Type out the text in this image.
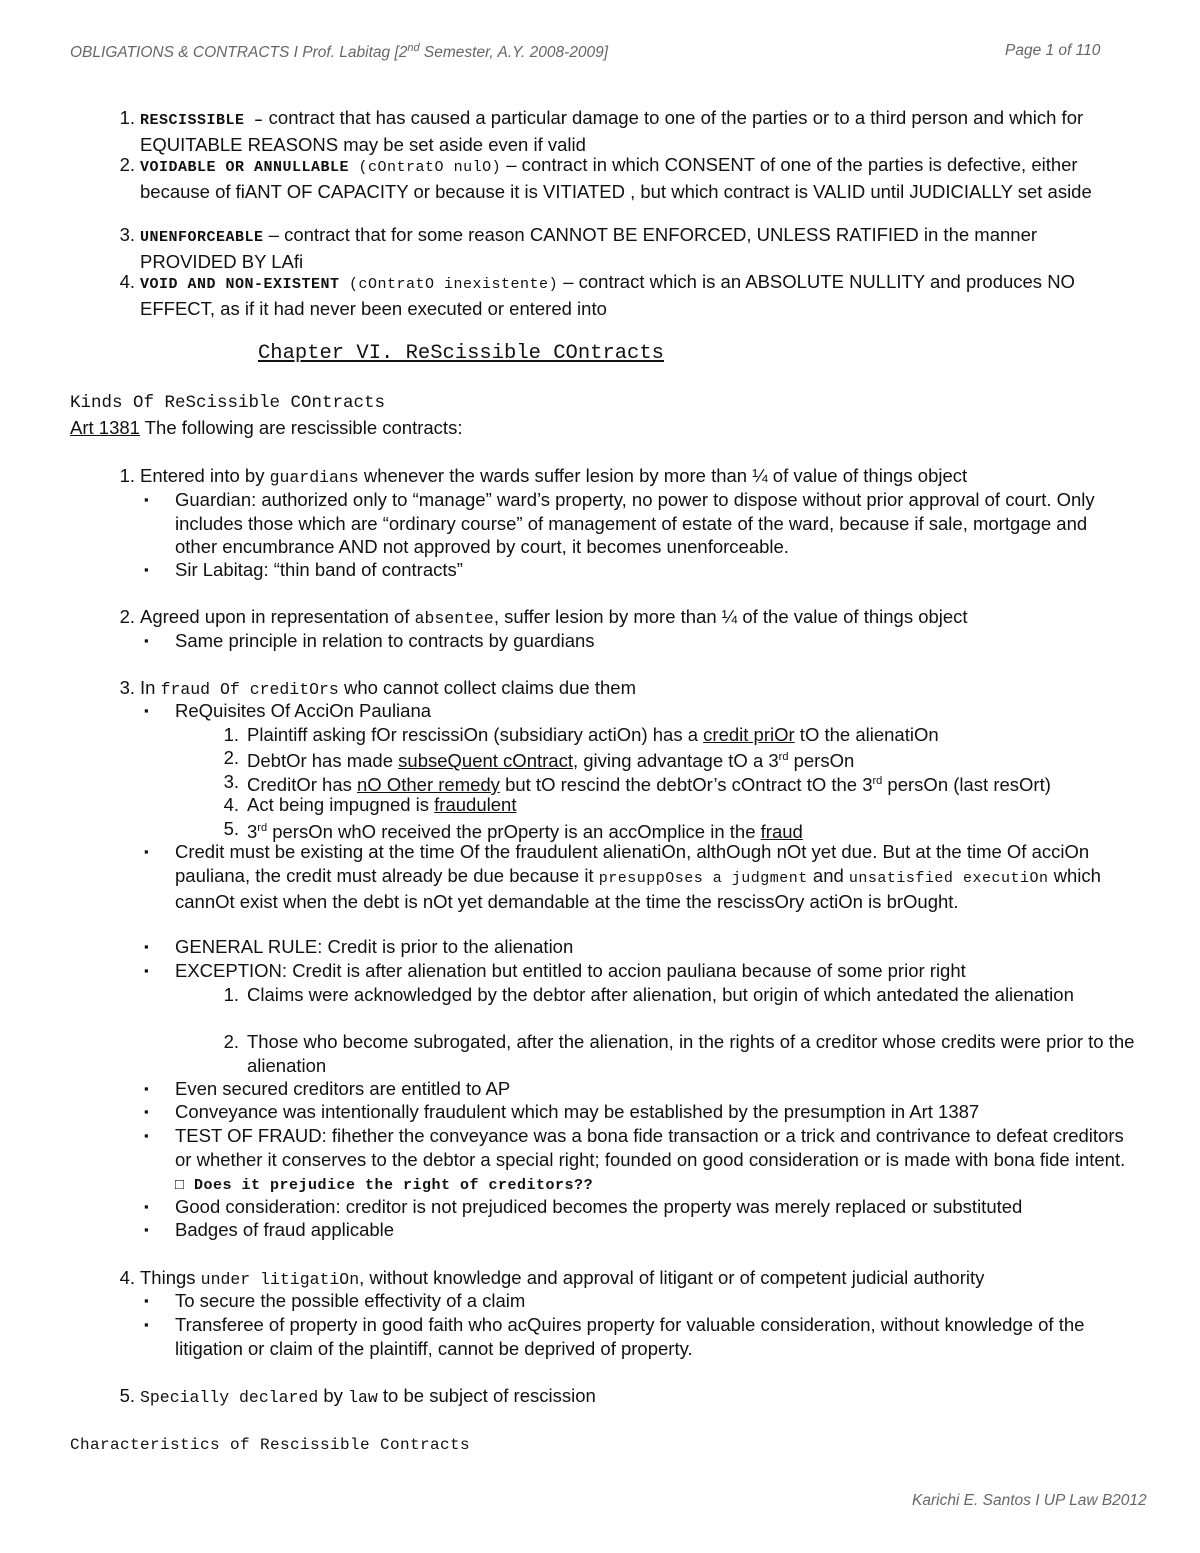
OBLIGATIONS & CONTRACTS I Prof. Labitag [2nd Semester, A.Y. 2008-2009]	Page 1 of 110
1. RESCISSIBLE – contract that has caused a particular damage to one of the parties or to a third person and which for EQUITABLE REASONS may be set aside even if valid
2. VOIDABLE OR ANNULLABLE (cOntratO nulO) – contract in which CONSENT of one of the parties is defective, either because of fiANT OF CAPACITY or because it is VITIATED , but which contract is VALID until JUDICIALLY set aside
3. UNENFORCEABLE – contract that for some reason CANNOT BE ENFORCED, UNLESS RATIFIED in the manner PROVIDED BY LAfi
4. VOID AND NON-EXISTENT (cOntratO inexistente) – contract which is an ABSOLUTE NULLITY and produces NO EFFECT, as if it had never been executed or entered into
Chapter VI. ReScissible COntracts
Kinds Of ReScissible COntracts
Art 1381 The following are rescissible contracts:
1. Entered into by guardians whenever the wards suffer lesion by more than ¼ of value of things object
▪ Guardian: authorized only to “manage” ward’s property, no power to dispose without prior approval of court. Only includes those which are “ordinary course” of management of estate of the ward, because if sale, mortgage and other encumbrance AND not approved by court, it becomes unenforceable.
▪ Sir Labitag: “thin band of contracts”
2. Agreed upon in representation of absentee, suffer lesion by more than ¼ of the value of things object
▪ Same principle in relation to contracts by guardians
3. In fraud Of creditOrs who cannot collect claims due them
▪ ReQuisites Of AcciOn Pauliana
1. Plaintiff asking fOr rescissiOn (subsidiary actiOn) has a credit priOr tO the alienatiOn
2. DebtOr has made subseQuent cOntract, giving advantage tO a 3rd persOn
3. CreditOr has nO Other remedy but tO rescind the debtOr’s cOntract tO the 3rd persOn (last resOrt)
4. Act being impugned is fraudulent
5. 3rd persOn whO received the prOperty is an accOmplice in the fraud
▪ Credit must be existing at the time Of the fraudulent alienatiOn, althOugh nOt yet due. But at the time Of acciOn pauliana, the credit must already be due because it presuppOses a judgment and unsatisfied executiOn which cannOt exist when the debt is nOt yet demandable at the time the rescissOry actiOn is brOught.
▪ GENERAL RULE: Credit is prior to the alienation
▪ EXCEPTION: Credit is after alienation but entitled to accion pauliana because of some prior right
1. Claims were acknowledged by the debtor after alienation, but origin of which antedated the alienation
2. Those who become subrogated, after the alienation, in the rights of a creditor whose credits were prior to the alienation
▪ Even secured creditors are entitled to AP
▪ Conveyance was intentionally fraudulent which may be established by the presumption in Art 1387
▪ TEST OF FRAUD: fihether the conveyance was a bona fide transaction or a trick and contrivance to defeat creditors or whether it conserves to the debtor a special right; founded on good consideration or is made with bona fide intent. □ Does it prejudice the right of creditors??
▪ Good consideration: creditor is not prejudiced becomes the property was merely replaced or substituted
▪ Badges of fraud applicable
4. Things under litigatiOn, without knowledge and approval of litigant or of competent judicial authority
▪ To secure the possible effectivity of a claim
▪ Transferee of property in good faith who acQuires property for valuable consideration, without knowledge of the litigation or claim of the plaintiff, cannot be deprived of property.
5. Specially declared by law to be subject of rescission
Characteristics of Rescissible Contracts
Karichi E. Santos I UP Law B2012
